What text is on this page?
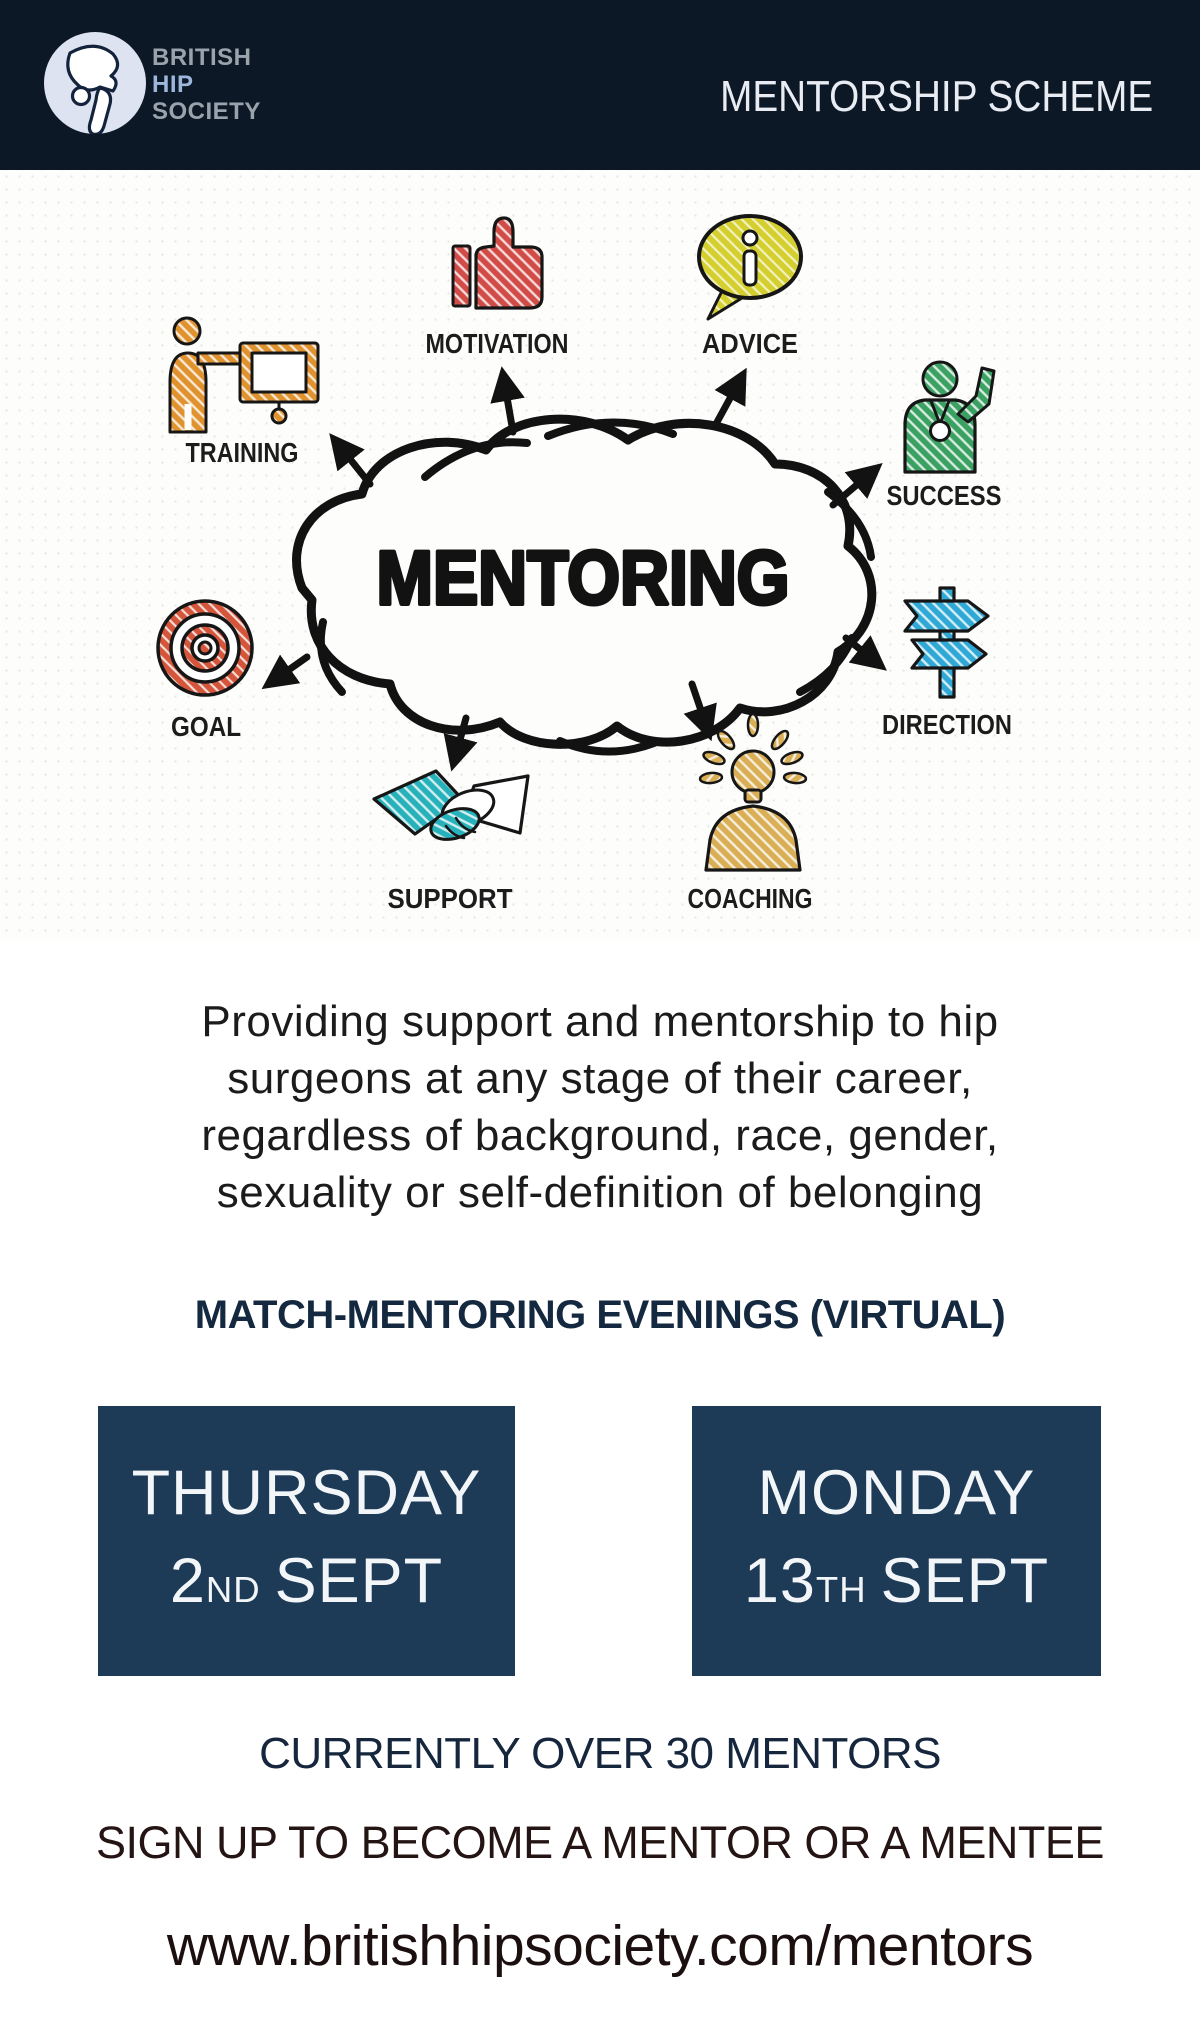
BRITISH
HIP
SOCIETY	MENTORSHIP SCHEME
MENTORING
TRAINING
MOTIVATION	ADVICE
SUCCESS
GOAL
SUPPORT	COACHING
DIRECTION
Providing support and mentorship to hip
surgeons at any stage of their career,
regardless of background, race, gender,
sexuality or self-definition of belonging
MATCH-MENTORING EVENINGS (VIRTUAL)
THURSDAY
2ND SEPT
MONDAY
13TH SEPT
CURRENTLY OVER 30 MENTORS
SIGN UP TO BECOME A MENTOR OR A MENTEE
www.britishhipsociety.com/mentors
